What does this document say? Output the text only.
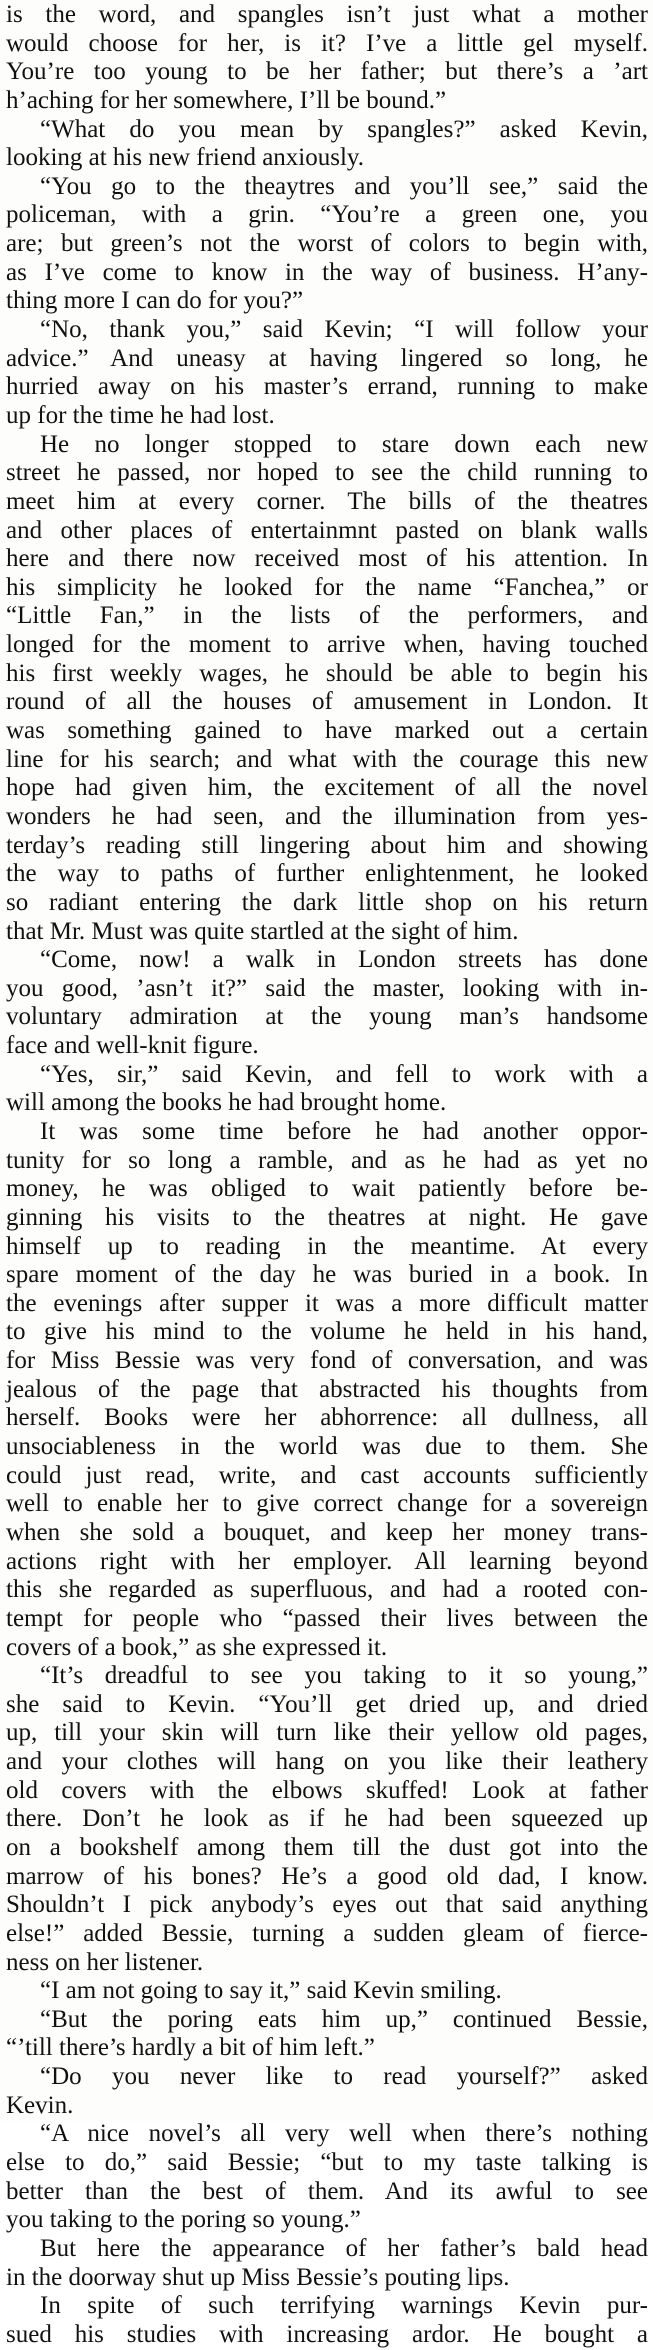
is the word, and spangles isn’t just what a mother
would choose for her, is it? I’ve a little gel myself.
You’re too young to be her father; but there’s a ’art
h’aching for her somewhere, I’ll be bound.”
“What do you mean by spangles?” asked Kevin,
looking at his new friend anxiously.
“You go to the theaytres and you’ll see,” said the
policeman, with a grin. “You’re a green one, you
are; but green’s not the worst of colors to begin with,
as I’ve come to know in the way of business. H’any-
thing more I can do for you?”
“No, thank you,” said Kevin; “I will follow your
advice.” And uneasy at having lingered so long, he
hurried away on his master’s errand, running to make
up for the time he had lost.
He no longer stopped to stare down each new
street he passed, nor hoped to see the child running to
meet him at every corner. The bills of the theatres
and other places of entertainmnt pasted on blank walls
here and there now received most of his attention. In
his simplicity he looked for the name “Fanchea,” or
“Little Fan,” in the lists of the performers, and
longed for the moment to arrive when, having touched
his first weekly wages, he should be able to begin his
round of all the houses of amusement in London. It
was something gained to have marked out a certain
line for his search; and what with the courage this new
hope had given him, the excitement of all the novel
wonders he had seen, and the illumination from yes-
terday’s reading still lingering about him and showing
the way to paths of further enlightenment, he looked
so radiant entering the dark little shop on his return
that Mr. Must was quite startled at the sight of him.
“Come, now! a walk in London streets has done
you good, ’asn’t it?” said the master, looking with in-
voluntary admiration at the young man’s handsome
face and well-knit figure.
“Yes, sir,” said Kevin, and fell to work with a
will among the books he had brought home.
It was some time before he had another oppor-
tunity for so long a ramble, and as he had as yet no
money, he was obliged to wait patiently before be-
ginning his visits to the theatres at night. He gave
himself up to reading in the meantime. At every
spare moment of the day he was buried in a book. In
the evenings after supper it was a more difficult matter
to give his mind to the volume he held in his hand,
for Miss Bessie was very fond of conversation, and was
jealous of the page that abstracted his thoughts from
herself. Books were her abhorrence: all dullness, all
unsociableness in the world was due to them. She
could just read, write, and cast accounts sufficiently
well to enable her to give correct change for a sovereign
when she sold a bouquet, and keep her money trans-
actions right with her employer. All learning beyond
this she regarded as superfluous, and had a rooted con-
tempt for people who “passed their lives between the
covers of a book,” as she expressed it.
“It’s dreadful to see you taking to it so young,”
she said to Kevin. “You’ll get dried up, and dried
up, till your skin will turn like their yellow old pages,
and your clothes will hang on you like their leathery
old covers with the elbows skuffed! Look at father
there. Don’t he look as if he had been squeezed up
on a bookshelf among them till the dust got into the
marrow of his bones? He’s a good old dad, I know.
Shouldn’t I pick anybody’s eyes out that said anything
else!” added Bessie, turning a sudden gleam of fierce-
ness on her listener.
“I am not going to say it,” said Kevin smiling.
“But the poring eats him up,” continued Bessie,
“’till there’s hardly a bit of him left.”
“Do you never like to read yourself?” asked
Kevin.
“A nice novel’s all very well when there’s nothing
else to do,” said Bessie; “but to my taste talking is
better than the best of them. And its awful to see
you taking to the poring so young.”
But here the appearance of her father’s bald head
in the doorway shut up Miss Bessie’s pouting lips.
In spite of such terrifying warnings Kevin pur-
sued his studies with increasing ardor. He bought a
